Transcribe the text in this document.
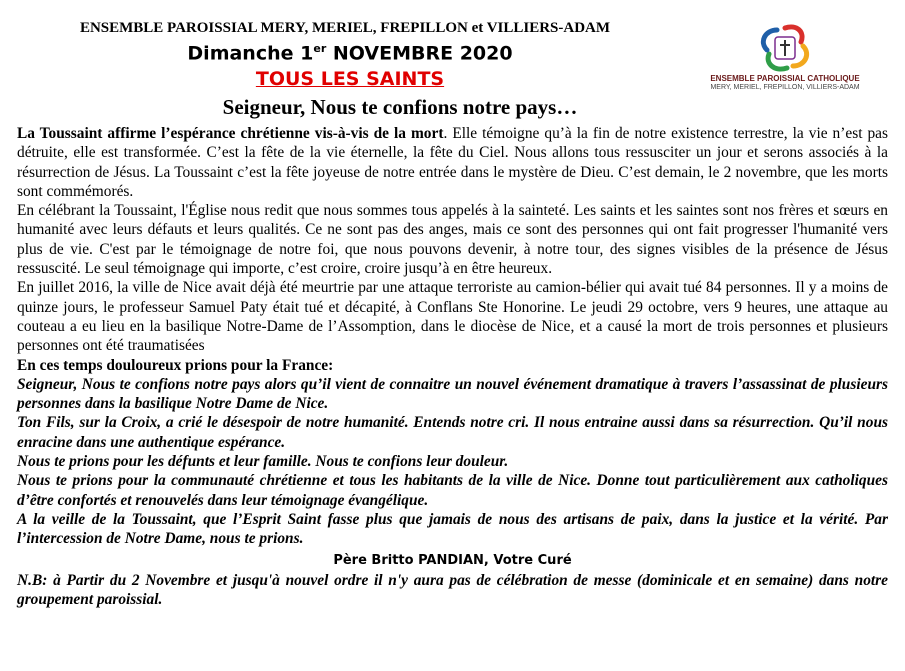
ENSEMBLE PAROISSIAL MERY, MERIEL, FREPILLON et VILLIERS-ADAM
Dimanche 1er NOVEMBRE 2020
TOUS LES SAINTS
Seigneur, Nous te confions notre pays…
ENSEMBLE PAROISSIAL CATHOLIQUE
MERY, MERIEL, FREPILLON, VILLIERS-ADAM

La Toussaint affirme l’espérance chrétienne vis-à-vis de la mort. Elle témoigne qu’à la fin de notre existence terrestre, la vie n’est pas détruite, elle est transformée. C’est la fête de la vie éternelle, la fête du Ciel. Nous allons tous ressusciter un jour et serons associés à la résurrection de Jésus. La Toussaint c’est la fête joyeuse de notre entrée dans le mystère de Dieu. C’est demain, le 2 novembre, que les morts sont commémorés.

En célébrant la Toussaint, l'Église nous redit que nous sommes tous appelés à la sainteté. Les saints et les saintes sont nos frères et sœurs en humanité avec leurs défauts et leurs qualités. Ce ne sont pas des anges, mais ce sont des personnes qui ont fait progresser l'humanité vers plus de vie. C'est par le témoignage de notre foi, que nous pouvons devenir, à notre tour, des signes visibles de la présence de Jésus ressuscité. Le seul témoignage qui importe, c’est croire, croire jusqu’à en être heureux.

En juillet 2016, la ville de Nice avait déjà été meurtrie par une attaque terroriste au camion-bélier qui avait tué 84 personnes. Il y a moins de quinze jours, le professeur Samuel Paty était tué et décapité, à Conflans Ste Honorine. Le jeudi 29 octobre, vers 9 heures, une attaque au couteau a eu lieu en la basilique Notre-Dame de l’Assomption, dans le diocèse de Nice, et a causé la mort de trois personnes et plusieurs personnes ont été traumatisées

En ces temps douloureux prions pour la France:

Seigneur, Nous te confions notre pays alors qu’il vient de connaitre un nouvel événement dramatique à travers l’assassinat de plusieurs personnes dans la basilique Notre Dame de Nice.

Ton Fils, sur la Croix, a crié le désespoir de notre humanité. Entends notre cri. Il nous entraine aussi dans sa résurrection. Qu’il nous enracine dans une authentique espérance.

Nous te prions pour les défunts et leur famille. Nous te confions leur douleur.

Nous te prions pour la communauté chrétienne et tous les habitants de la ville de Nice. Donne tout particulièrement aux catholiques d’être confortés et renouvelés dans leur témoignage évangélique.

A la veille de la Toussaint, que l’Esprit Saint fasse plus que jamais de nous des artisans de paix, dans la justice et la vérité. Par l’intercession de Notre Dame, nous te prions.

Père Britto PANDIAN, Votre Curé

N.B: à Partir du 2 Novembre et jusqu'à nouvel ordre il n'y aura pas de célébration de messe (dominicale et en semaine) dans notre groupement paroissial.
